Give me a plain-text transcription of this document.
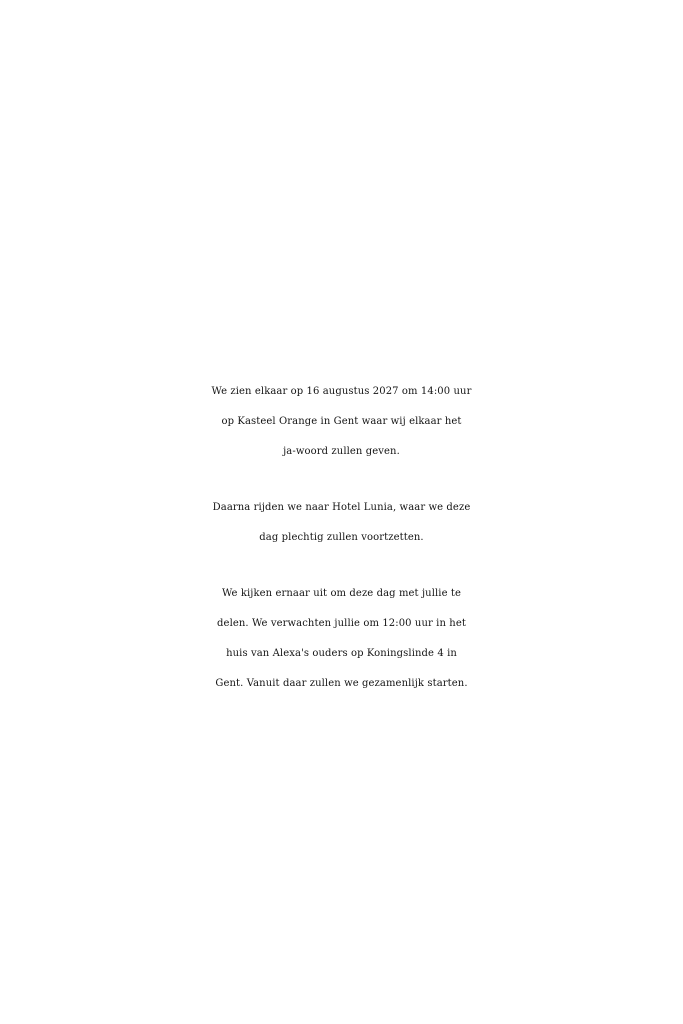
We zien elkaar op 16 augustus 2027 om 14:00 uur
op Kasteel Orange in Gent waar wij elkaar het
ja-woord zullen geven.
Daarna rijden we naar Hotel Lunia, waar we deze
dag plechtig zullen voortzetten.
We kijken ernaar uit om deze dag met jullie te
delen. We verwachten jullie om 12:00 uur in het
huis van Alexa's ouders op Koningslinde 4 in
Gent. Vanuit daar zullen we gezamenlijk starten.
